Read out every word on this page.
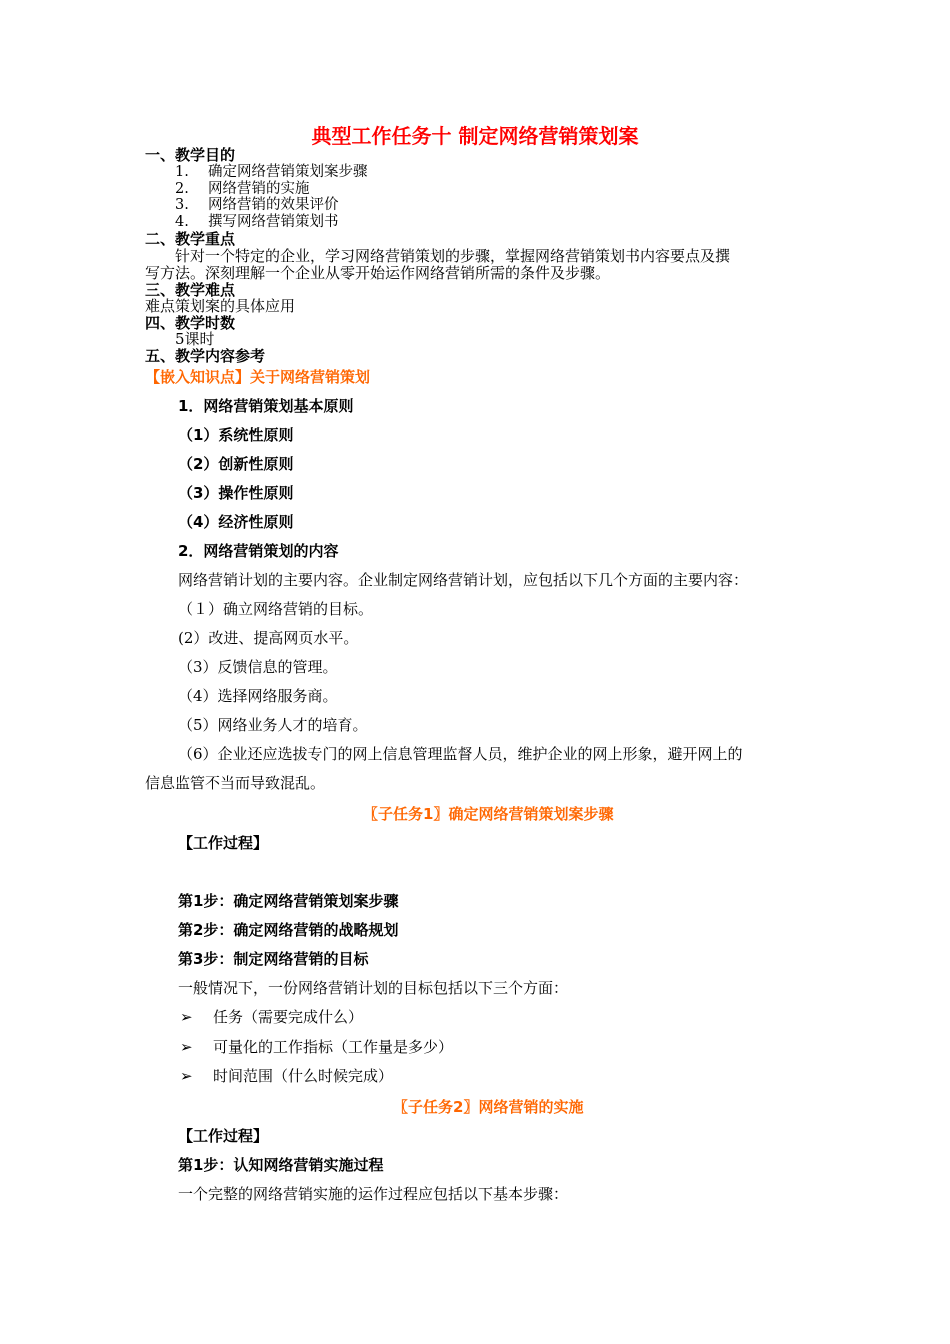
典型工作任务十 制定网络营销策划案
一、教学目的
1. 确定网络营销策划案步骤
2. 网络营销的实施
3. 网络营销的效果评价
4. 撰写网络营销策划书
二、教学重点
针对一个特定的企业，学习网络营销策划的步骤，掌握网络营销策划书内容要点及撰
写方法。深刻理解一个企业从零开始运作网络营销所需的条件及步骤。
三、教学难点
难点策划案的具体应用
四、教学时数
5课时
五、教学内容参考
【嵌入知识点】关于网络营销策划
1．网络营销策划基本原则
（1）系统性原则
（2）创新性原则
（3）操作性原则
（4）经济性原则
2．网络营销策划的内容
网络营销计划的主要内容。企业制定网络营销计划，应包括以下几个方面的主要内容：
（１）确立网络营销的目标。
(2）改进、提高网页水平。
（3）反馈信息的管理。
（4）选择网络服务商。
（5）网络业务人才的培育。
（6）企业还应选拔专门的网上信息管理监督人员，维护企业的网上形象，避开网上的
信息监管不当而导致混乱。
〖子任务1〗确定网络营销策划案步骤
【工作过程】
第1步：确定网络营销策划案步骤
第2步：确定网络营销的战略规划
第3步：制定网络营销的目标
一般情况下，一份网络营销计划的目标包括以下三个方面：
➢ 任务（需要完成什么）
➢ 可量化的工作指标（工作量是多少）
➢ 时间范围（什么时候完成）
〖子任务2〗网络营销的实施
【工作过程】
第1步：认知网络营销实施过程
一个完整的网络营销实施的运作过程应包括以下基本步骤：
